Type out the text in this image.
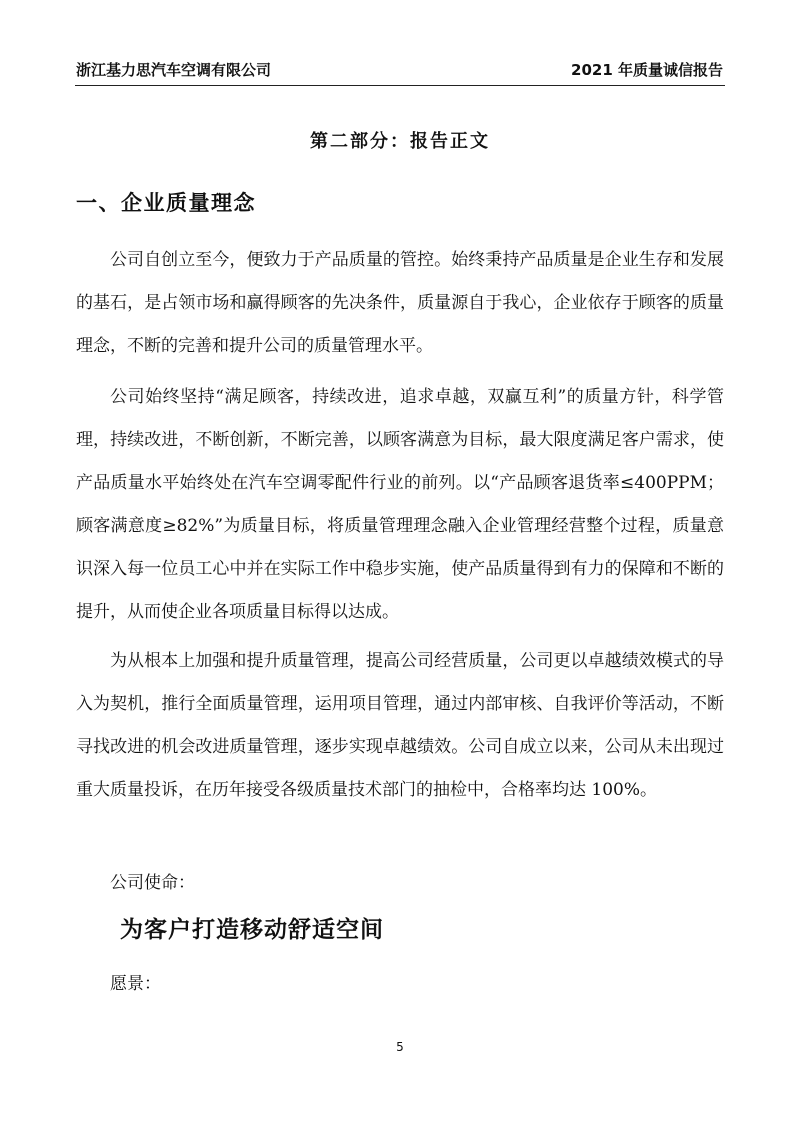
浙江基力思汽车空调有限公司	2021 年质量诚信报告
第二部分：报告正文
一、企业质量理念

公司自创立至今，便致力于产品质量的管控。始终秉持产品质量是企业生存和发展的基石，是占领市场和赢得顾客的先决条件，质量源自于我心，企业依存于顾客的质量理念，不断的完善和提升公司的质量管理水平。

公司始终坚持“满足顾客，持续改进，追求卓越，双赢互利”的质量方针，科学管理，持续改进，不断创新，不断完善，以顾客满意为目标，最大限度满足客户需求，使产品质量水平始终处在汽车空调零配件行业的前列。以“产品顾客退货率≤400PPM；顾客满意度≥82%”为质量目标，将质量管理理念融入企业管理经营整个过程，质量意识深入每一位员工心中并在实际工作中稳步实施，使产品质量得到有力的保障和不断的提升，从而使企业各项质量目标得以达成。

为从根本上加强和提升质量管理，提高公司经营质量，公司更以卓越绩效模式的导入为契机，推行全面质量管理，运用项目管理，通过内部审核、自我评价等活动，不断寻找改进的机会改进质量管理，逐步实现卓越绩效。公司自成立以来，公司从未出现过重大质量投诉，在历年接受各级质量技术部门的抽检中，合格率均达 100%。

公司使命：
为客户打造移动舒适空间
愿景：
5
